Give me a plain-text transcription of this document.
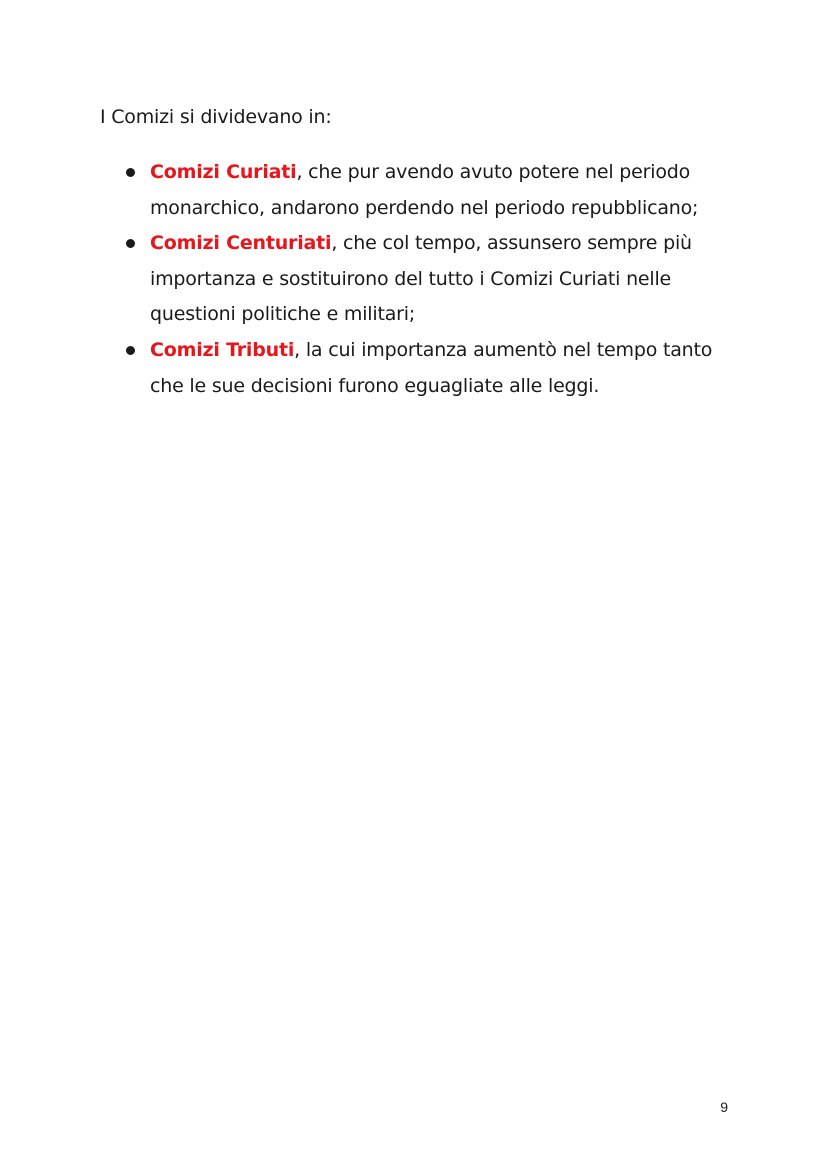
I Comizi si dividevano in:

Comizi Curiati, che pur avendo avuto potere nel periodo monarchico, andarono perdendo nel periodo repubblicano;
Comizi Centuriati, che col tempo, assunsero sempre più importanza e sostituirono del tutto i Comizi Curiati nelle questioni politiche e militari;
Comizi Tributi, la cui importanza aumentò nel tempo tanto che le sue decisioni furono eguagliate alle leggi.
9
